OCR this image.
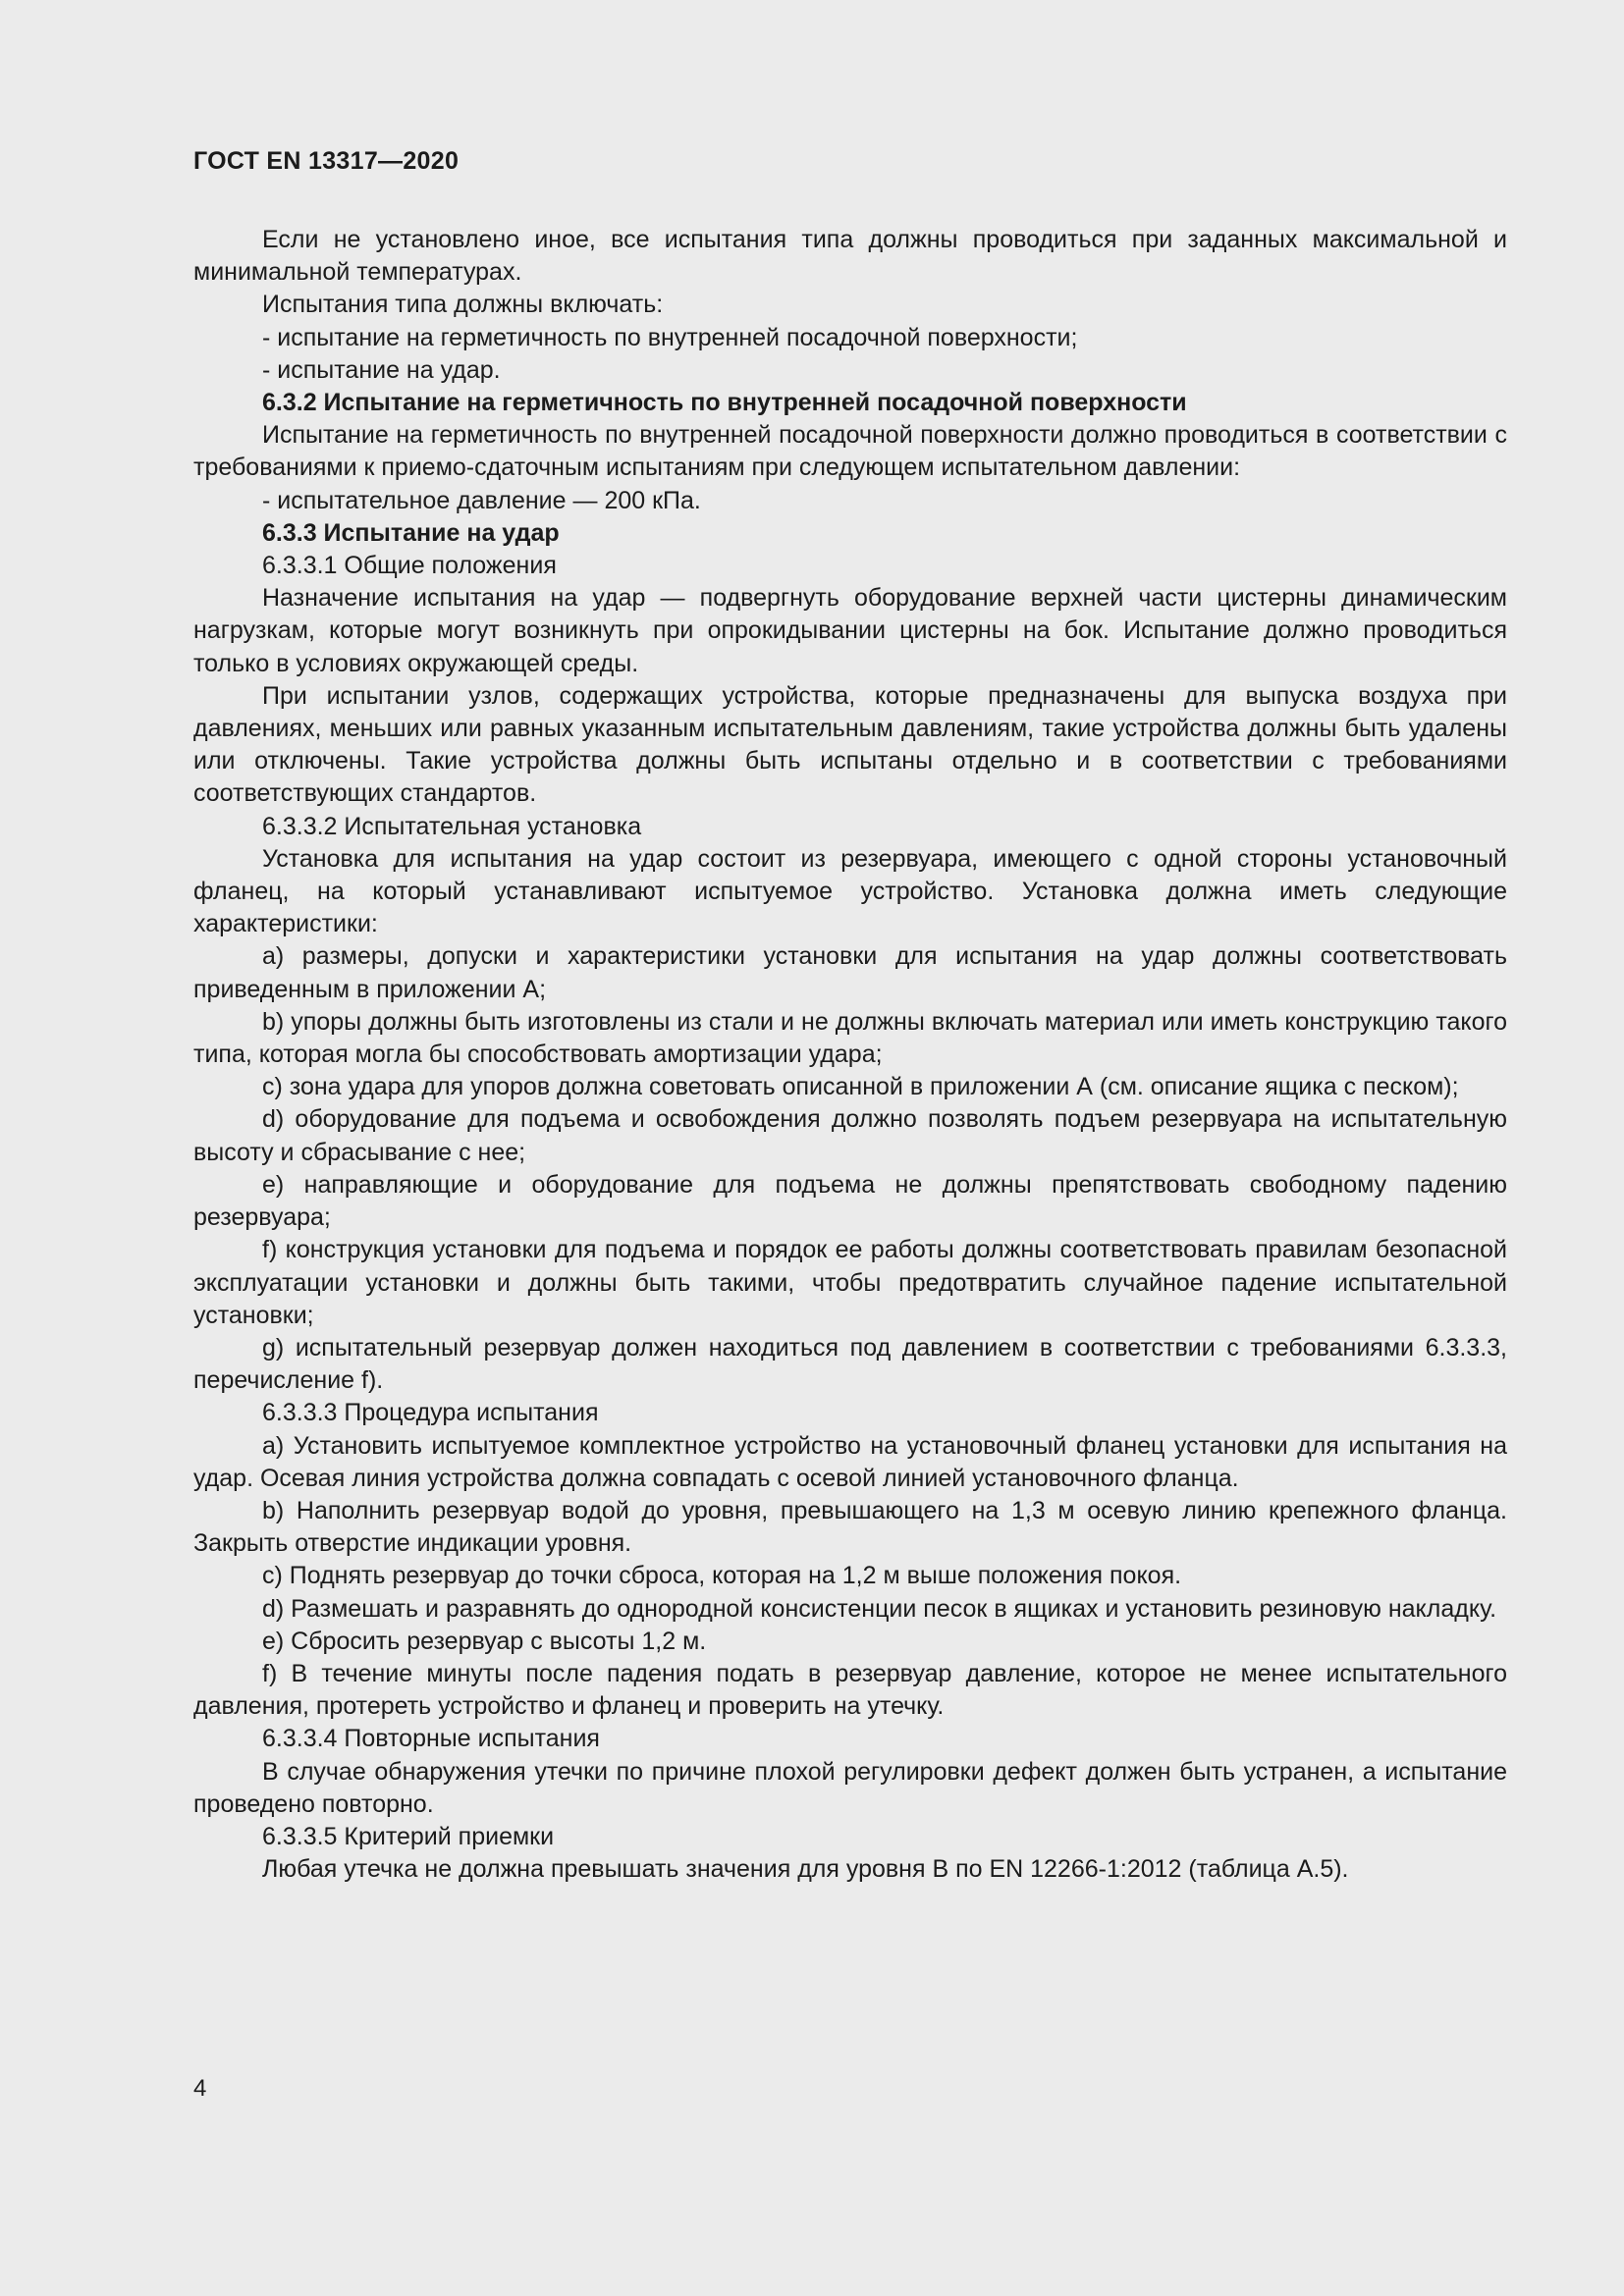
ГОСТ EN 13317—2020

Если не установлено иное, все испытания типа должны проводиться при заданных максимальной и минимальной температурах.

Испытания типа должны включать:

- испытание на герметичность по внутренней посадочной поверхности;

- испытание на удар.

6.3.2 Испытание на герметичность по внутренней посадочной поверхности

Испытание на герметичность по внутренней посадочной поверхности должно проводиться в соответствии с требованиями к приемо-сдаточным испытаниям при следующем испытательном давлении:

- испытательное давление — 200 кПа.

6.3.3 Испытание на удар

6.3.3.1 Общие положения

Назначение испытания на удар — подвергнуть оборудование верхней части цистерны динамическим нагрузкам, которые могут возникнуть при опрокидывании цистерны на бок. Испытание должно проводиться только в условиях окружающей среды.

При испытании узлов, содержащих устройства, которые предназначены для выпуска воздуха при давлениях, меньших или равных указанным испытательным давлениям, такие устройства должны быть удалены или отключены. Такие устройства должны быть испытаны отдельно и в соответствии с требованиями соответствующих стандартов.

6.3.3.2 Испытательная установка

Установка для испытания на удар состоит из резервуара, имеющего с одной стороны установочный фланец, на который устанавливают испытуемое устройство. Установка должна иметь следующие характеристики:

a) размеры, допуски и характеристики установки для испытания на удар должны соответствовать приведенным в приложении А;

b) упоры должны быть изготовлены из стали и не должны включать материал или иметь конструкцию такого типа, которая могла бы способствовать амортизации удара;

c) зона удара для упоров должна советовать описанной в приложении А (см. описание ящика с песком);

d) оборудование для подъема и освобождения должно позволять подъем резервуара на испытательную высоту и сбрасывание с нее;

e) направляющие и оборудование для подъема не должны препятствовать свободному падению резервуара;

f) конструкция установки для подъема и порядок ее работы должны соответствовать правилам безопасной эксплуатации установки и должны быть такими, чтобы предотвратить случайное падение испытательной установки;

g) испытательный резервуар должен находиться под давлением в соответствии с требованиями 6.3.3.3, перечисление f).

6.3.3.3 Процедура испытания

a) Установить испытуемое комплектное устройство на установочный фланец установки для испытания на удар. Осевая линия устройства должна совпадать с осевой линией установочного фланца.

b) Наполнить резервуар водой до уровня, превышающего на 1,3 м осевую линию крепежного фланца. Закрыть отверстие индикации уровня.

c) Поднять резервуар до точки сброса, которая на 1,2 м выше положения покоя.

d) Размешать и разравнять до однородной консистенции песок в ящиках и установить резиновую накладку.

e) Сбросить резервуар с высоты 1,2 м.

f) В течение минуты после падения подать в резервуар давление, которое не менее испытательного давления, протереть устройство и фланец и проверить на утечку.

6.3.3.4 Повторные испытания

В случае обнаружения утечки по причине плохой регулировки дефект должен быть устранен, а испытание проведено повторно.

6.3.3.5 Критерий приемки

Любая утечка не должна превышать значения для уровня В по EN 12266-1:2012 (таблица А.5).

4
